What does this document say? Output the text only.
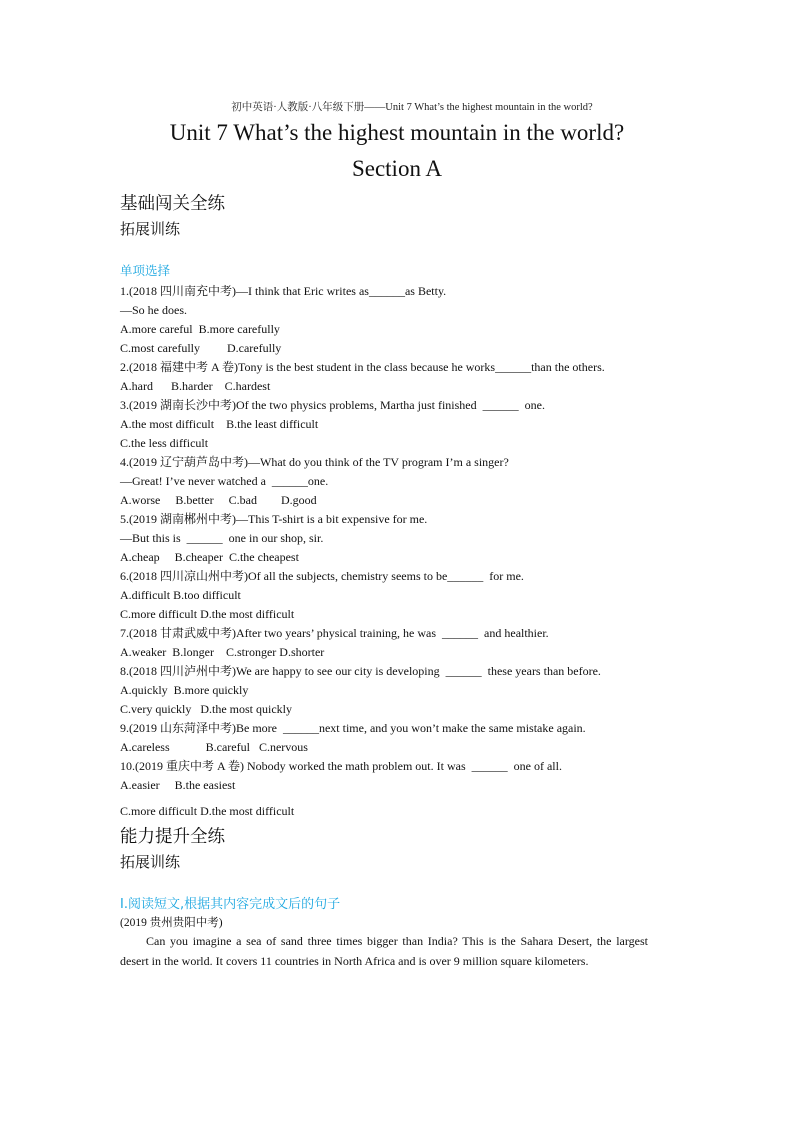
初中英语·人教版·八年级下册——Unit 7 What’s the highest mountain in the world?
Unit 7 What’s the highest mountain in the world?
Section A
基础闯关全练
拓展训练
单项选择
1.(2018 四川南充中考)—I think that Eric writes as______as Betty.
—So he does.
A.more careful  B.more carefully
C.most carefully         D.carefully
2.(2018 福建中考 A 卷)Tony is the best student in the class because he works______than the others.
A.hard      B.harder    C.hardest
3.(2019 湖南长沙中考)Of the two physics problems, Martha just finished  ______  one.
A.the most difficult    B.the least difficult
C.the less difficult
4.(2019 辽宁葫芦岛中考)—What do you think of the TV program I’m a singer?
—Great! I’ve never watched a  ______one.
A.worse     B.better     C.bad        D.good
5.(2019 湖南郴州中考)—This T-shirt is a bit expensive for me.
—But this is  ______  one in our shop, sir.
A.cheap     B.cheaper  C.the cheapest
6.(2018 四川凉山州中考)Of all the subjects, chemistry seems to be______  for me.
A.difficult B.too difficult
C.more difficult D.the most difficult
7.(2018 甘肃武威中考)After two years’ physical training, he was  ______  and healthier.
A.weaker  B.longer    C.stronger D.shorter
8.(2018 四川泸州中考)We are happy to see our city is developing  ______  these years than before.
A.quickly  B.more quickly
C.very quickly   D.the most quickly
9.(2019 山东菏泽中考)Be more  ______next time, and you won’t make the same mistake again.
A.careless            B.careful   C.nervous
10.(2019 重庆中考 A 卷) Nobody worked the math problem out. It was  ______  one of all.
A.easier     B.the easiest
C.more difficult D.the most difficult
能力提升全练
拓展训练
Ⅰ.阅读短文,根据其内容完成文后的句子
(2019 贵州贵阳中考)
Can you imagine a sea of sand three times bigger than India? This is the Sahara Desert, the largest desert in the world. It covers 11 countries in North Africa and is over 9 million square kilometers.
